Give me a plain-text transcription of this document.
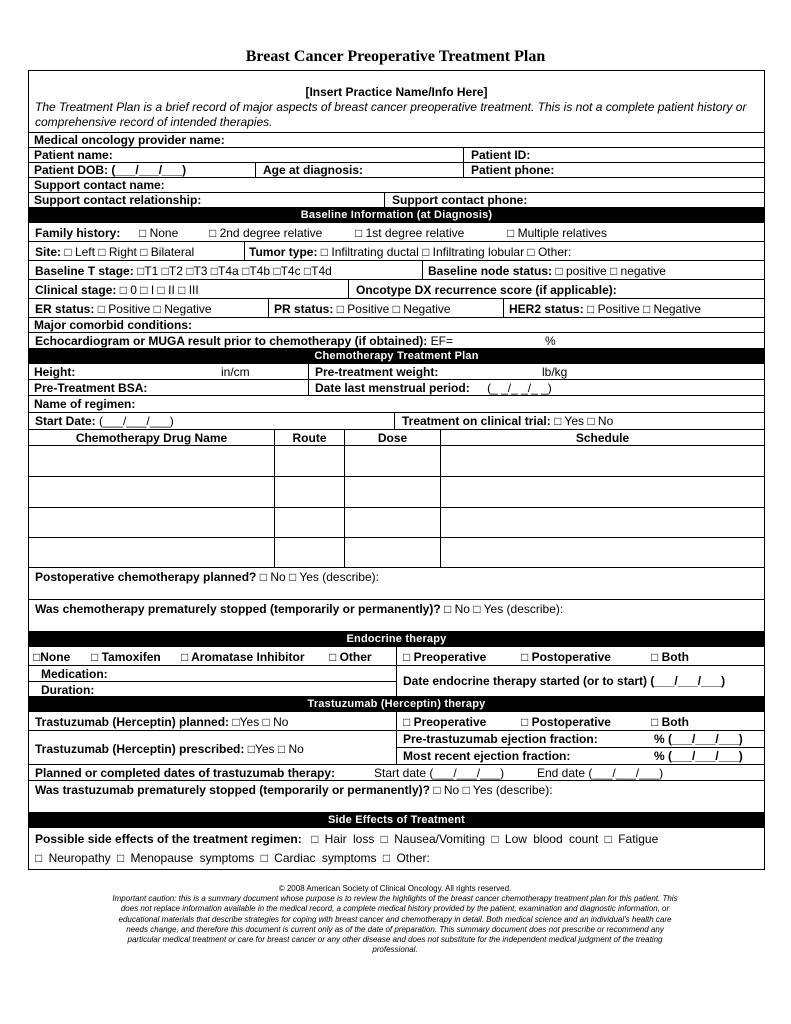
Breast Cancer Preoperative Treatment Plan
[Insert Practice Name/Info Here]
The Treatment Plan is a brief record of major aspects of breast cancer preoperative treatment. This is not a complete patient history or comprehensive record of intended therapies.
Medical oncology provider name:
Patient name:	Patient ID:
Patient DOB: (___/___/___)	Age at diagnosis:	Patient phone:
Support contact name:
Support contact relationship:	Support contact phone:
Baseline Information (at Diagnosis)
Family history: □ None	□ 2nd degree relative	□ 1st degree relative	□ Multiple relatives
Site: □ Left □ Right □ Bilateral	Tumor type: □ Infiltrating ductal □ Infiltrating lobular □ Other:
Baseline T stage: □T1 □T2 □T3 □T4a □T4b □T4c □T4d	Baseline node status: □ positive □ negative
Clinical stage: □ 0 □ I □ II □ III	Oncotype DX recurrence score (if applicable):
ER status: □ Positive □ Negative	PR status: □ Positive □ Negative	HER2 status: □ Positive □ Negative
Major comorbid conditions:
Echocardiogram or MUGA result prior to chemotherapy (if obtained): EF=	%
Chemotherapy Treatment Plan
Height:	in/cm	Pre-treatment weight:	lb/kg
Pre-Treatment BSA:	Date last menstrual period: (_ _/_ _/_ _)
Name of regimen:
Start Date: (___/___/___)	Treatment on clinical trial: □ Yes □ No
Chemotherapy Drug Name	Route	Dose	Schedule
Postoperative chemotherapy planned? □ No □ Yes (describe):
Was chemotherapy prematurely stopped (temporarily or permanently)? □ No □ Yes (describe):
Endocrine therapy
□None □ Tamoxifen □ Aromatase Inhibitor □ Other	□ Preoperative	□ Postoperative	□ Both
Medication:
Duration:
Date endocrine therapy started (or to start) (___/___/___)
Trastuzumab (Herceptin) therapy
Trastuzumab (Herceptin) planned: □Yes □ No	□ Preoperative	□ Postoperative	□ Both
Trastuzumab (Herceptin) prescribed: □Yes □ No
Pre-trastuzumab ejection fraction:	% (___/___/___)
Most recent ejection fraction:	% (___/___/___)
Planned or completed dates of trastuzumab therapy:	Start date (___/___/___)	End date (___/___/___)
Was trastuzumab prematurely stopped (temporarily or permanently)? □ No □ Yes (describe):
Side Effects of Treatment
Possible side effects of the treatment regimen: □ Hair loss □ Nausea/Vomiting □ Low blood count □ Fatigue
□ Neuropathy □ Menopause symptoms □ Cardiac symptoms □ Other:
© 2008 American Society of Clinical Oncology. All rights reserved.
Important caution: this is a summary document whose purpose is to review the highlights of the breast cancer chemotherapy treatment plan for this patient. This does not replace information available in the medical record, a complete medical history provided by the patient, examination and diagnostic information, or educational materials that describe strategies for coping with breast cancer and chemotherapy in detail. Both medical science and an individual's health care needs change, and therefore this document is current only as of the date of preparation. This summary document does not prescribe or recommend any particular medical treatment or care for breast cancer or any other disease and does not substitute for the independent medical judgment of the treating professional.
